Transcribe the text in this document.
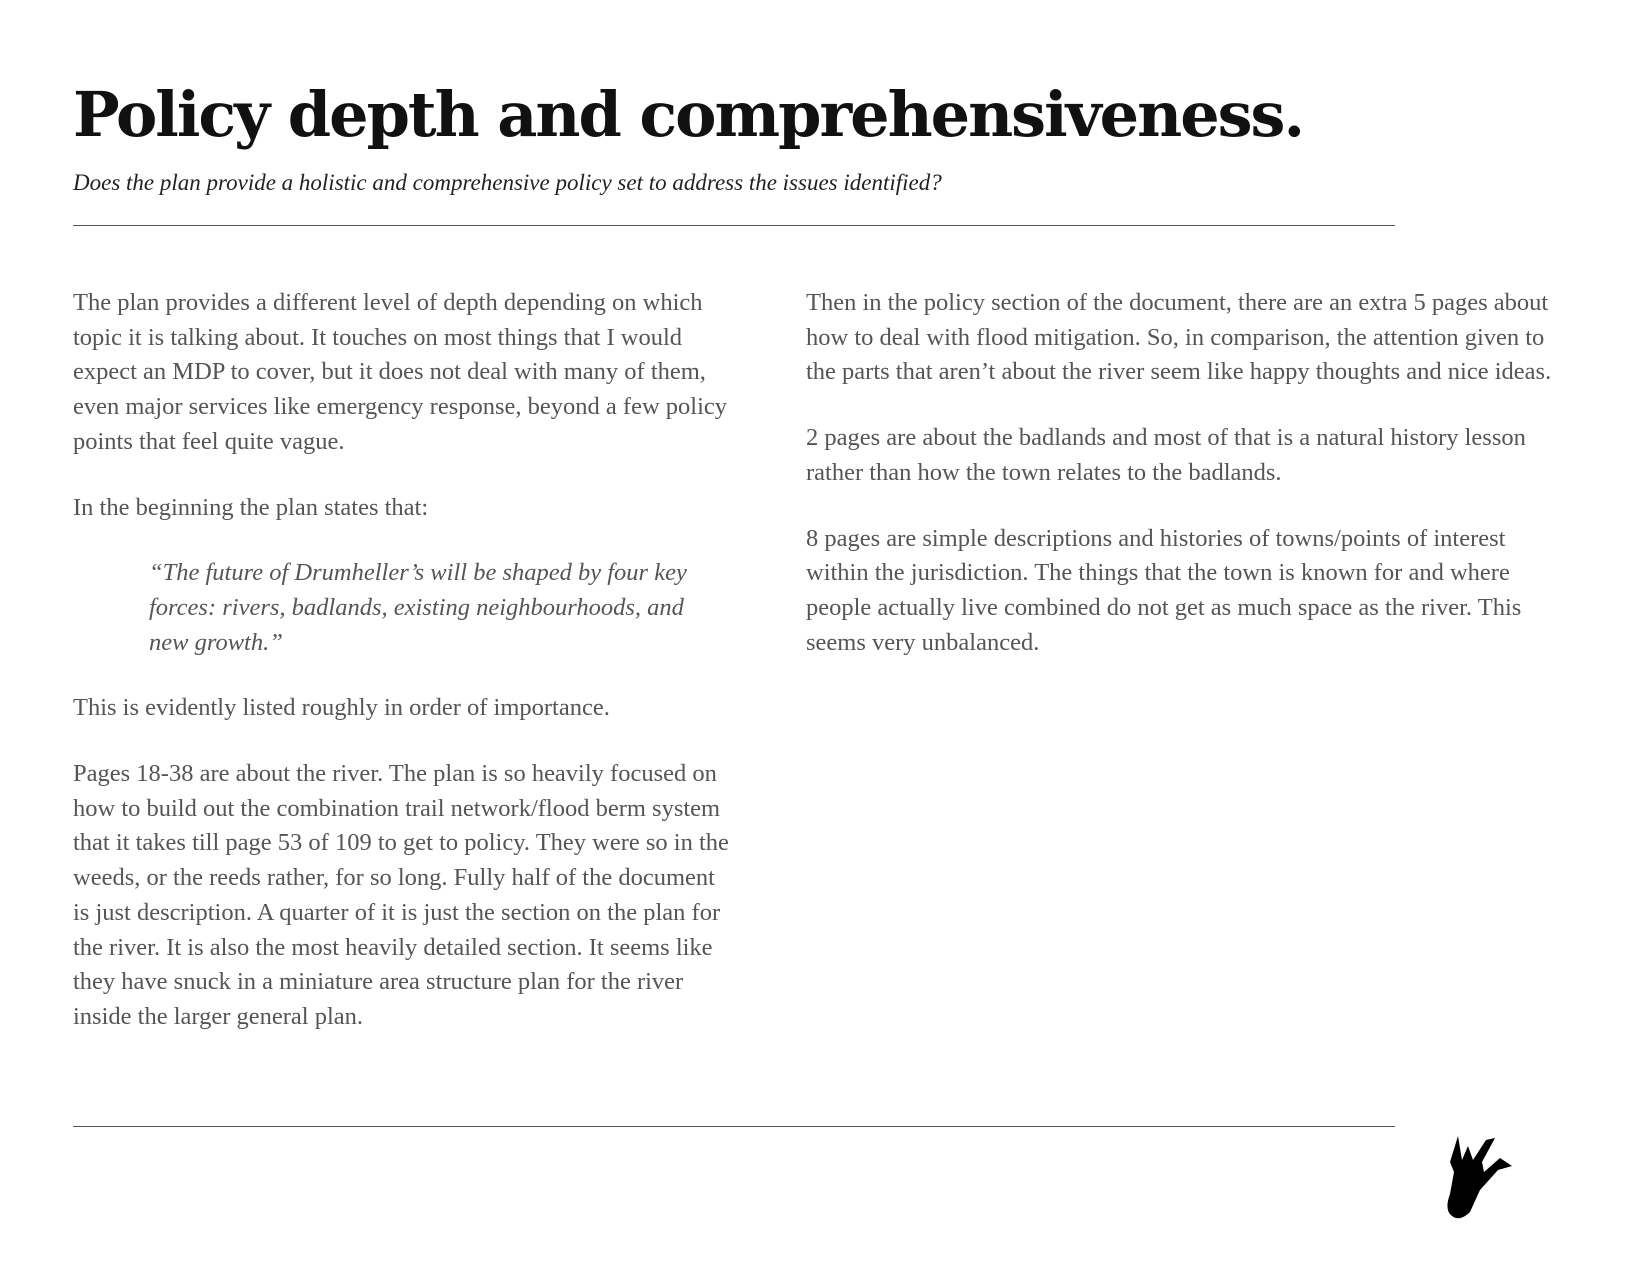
Policy depth and comprehensiveness.

Does the plan provide a holistic and comprehensive policy set to address the issues identified?

The plan provides a different level of depth depending on which topic it is talking about. It touches on most things that I would expect an MDP to cover, but it does not deal with many of them, even major services like emergency response, beyond a few policy points that feel quite vague.

In the beginning the plan states that:

“The future of Drumheller’s will be shaped by four key forces: rivers, badlands, existing neighbourhoods, and new growth.”

This is evidently listed roughly in order of importance.

Pages 18-38 are about the river. The plan is so heavily focused on how to build out the combination trail network/flood berm system that it takes till page 53 of 109 to get to policy. They were so in the weeds, or the reeds rather, for so long. Fully half of the document is just description. A quarter of it is just the section on the plan for the river. It is also the most heavily detailed section. It seems like they have snuck in a miniature area structure plan for the river inside the larger general plan.

Then in the policy section of the document, there are an extra 5 pages about how to deal with flood mitigation. So, in comparison, the attention given to the parts that aren’t about the river seem like happy thoughts and nice ideas.

2 pages are about the badlands and most of that is a natural history lesson rather than how the town relates to the badlands.

8 pages are simple descriptions and histories of towns/points of interest within the jurisdiction. The things that the town is known for and where people actually live combined do not get as much space as the river. This seems very unbalanced.
